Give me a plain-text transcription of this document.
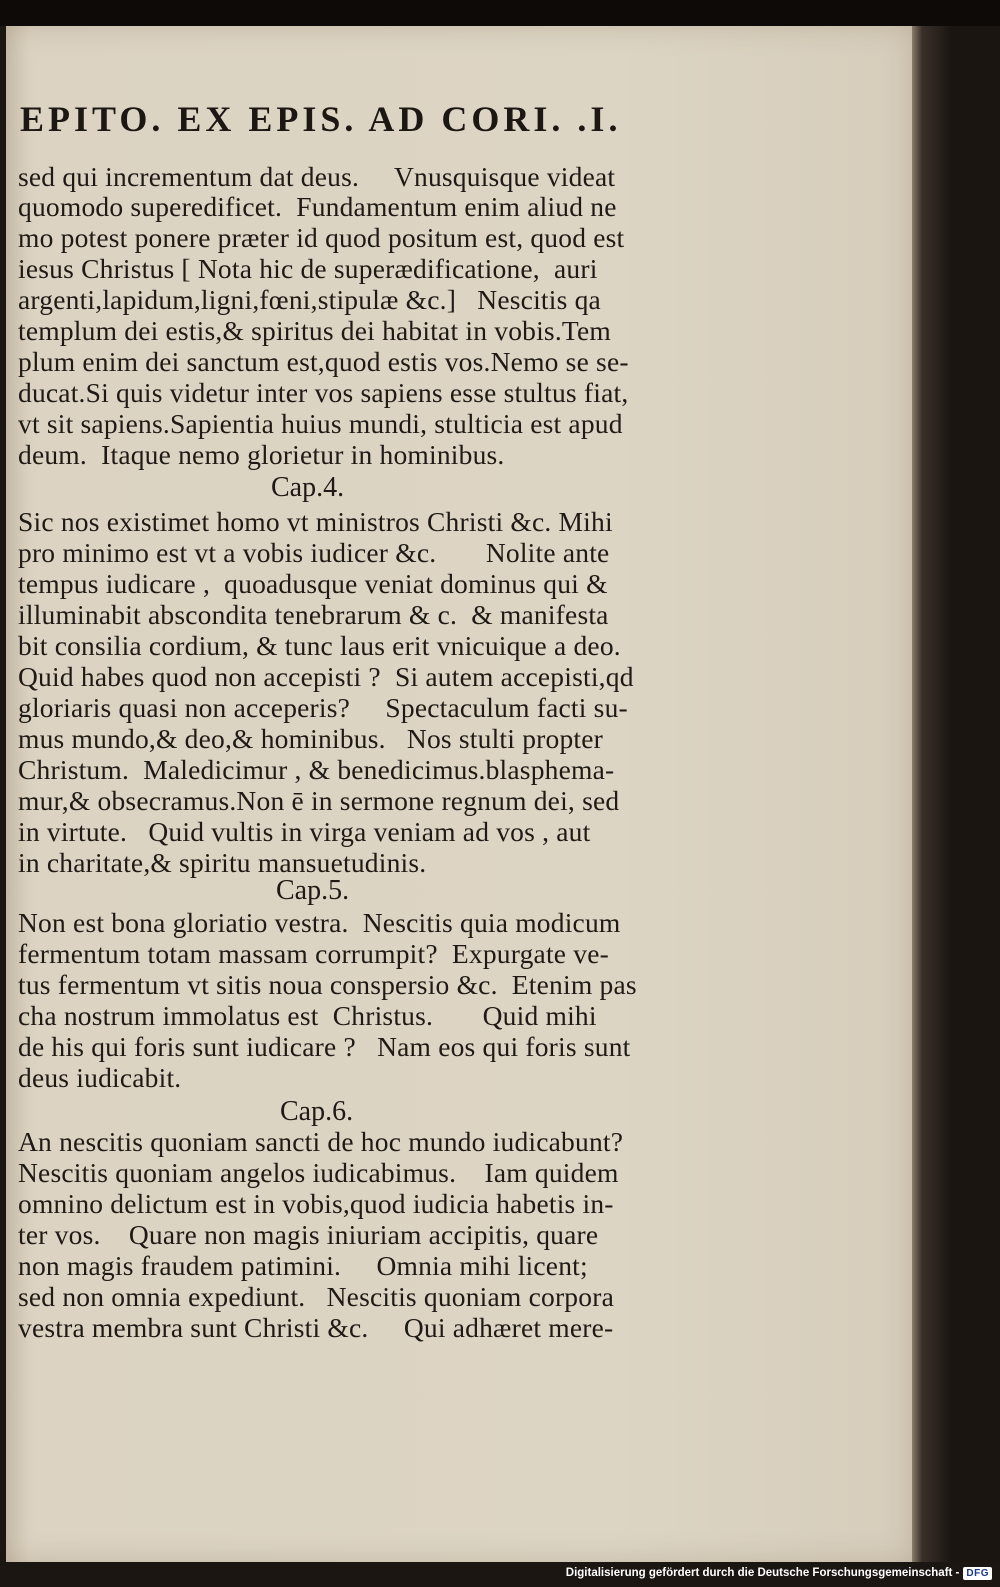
EPITO. EX EPIS. AD CORI. .I.
sed qui incrementum dat deus.     Vnusquisque videat
quomodo superedificet.  Fundamentum enim aliud ne
mo potest ponere præter id quod positum est, quod est
iesus Christus [ Nota hic de superædificatione,  auri
argenti,lapidum,ligni,fœni,stipulæ &c.]   Nescitis qa
templum dei estis,& spiritus dei habitat in vobis.Tem
plum enim dei sanctum est,quod estis vos.Nemo se se-
ducat.Si quis videtur inter vos sapiens esse stultus fiat,
vt sit sapiens.Sapientia huius mundi, stulticia est apud
deum.  Itaque nemo glorietur in hominibus.
Cap.4.
Sic nos existimet homo vt ministros Christi &c. Mihi
pro minimo est vt a vobis iudicer &c.       Nolite ante
tempus iudicare ,  quoadusque veniat dominus qui &
illuminabit abscondita tenebrarum & c.  & manifesta
bit consilia cordium, & tunc laus erit vnicuique a deo.
Quid habes quod non accepisti ?  Si autem accepisti,qd
gloriaris quasi non acceperis?     Spectaculum facti su-
mus mundo,& deo,& hominibus.   Nos stulti propter
Christum.  Maledicimur , & benedicimus.blasphema-
mur,& obsecramus.Non ē in sermone regnum dei, sed
in virtute.   Quid vultis in virga veniam ad vos , aut
in charitate,& spiritu mansuetudinis.
Cap.5.
Non est bona gloriatio vestra.  Nescitis quia modicum
fermentum totam massam corrumpit?  Expurgate ve-
tus fermentum vt sitis noua conspersio &c.  Etenim pas
cha nostrum immolatus est  Christus.       Quid mihi
de his qui foris sunt iudicare ?   Nam eos qui foris sunt
deus iudicabit.
Cap.6.
An nescitis quoniam sancti de hoc mundo iudicabunt?
Nescitis quoniam angelos iudicabimus.    Iam quidem
omnino delictum est in vobis,quod iudicia habetis in-
ter vos.    Quare non magis iniuriam accipitis, quare
non magis fraudem patimini.     Omnia mihi licent;
sed non omnia expediunt.   Nescitis quoniam corpora
vestra membra sunt Christi &c.     Qui adhæret mere-
Digitalisierung gefördert durch die Deutsche Forschungsgemeinschaft - DFG
